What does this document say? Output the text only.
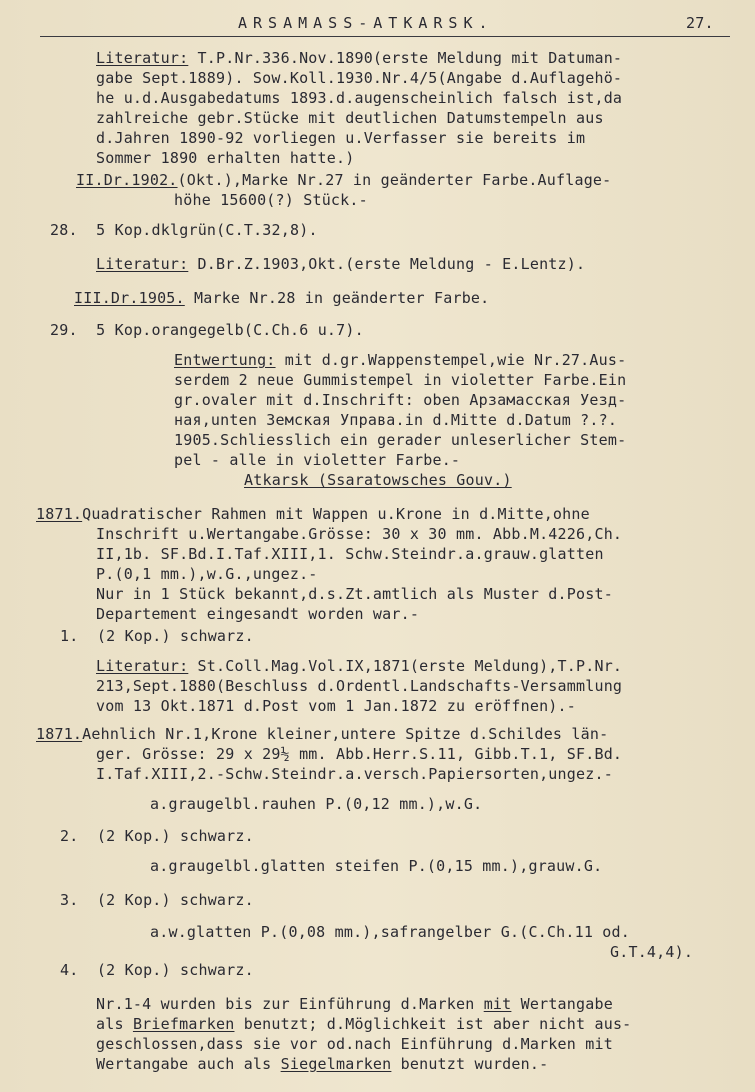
ARSAMASS-ATKARSK.	27.
Literatur: T.P.Nr.336.Nov.1890(erste Meldung mit Datuman-
gabe Sept.1889). Sow.Koll.1930.Nr.4/5(Angabe d.Auflagehö-
he u.d.Ausgabedatums 1893.d.augenscheinlich falsch ist,da
zahlreiche gebr.Stücke mit deutlichen Datumstempeln aus
d.Jahren 1890-92 vorliegen u.Verfasser sie bereits im
Sommer 1890 erhalten hatte.)
II.Dr.1902.(Okt.),Marke Nr.27 in geänderter Farbe.Auflage-
höhe 15600(?) Stück.-
28.  5 Kop.dklgrün(C.T.32,8).
Literatur: D.Br.Z.1903,Okt.(erste Meldung - E.Lentz).
III.Dr.1905. Marke Nr.28 in geänderter Farbe.
29.  5 Kop.orangegelb(C.Ch.6 u.7).
Entwertung: mit d.gr.Wappenstempel,wie Nr.27.Aus-
serdem 2 neue Gummistempel in violetter Farbe.Ein
gr.ovaler mit d.Inschrift: oben Арзамасская Уезд-
ная,unten Земская Управа.in d.Mitte d.Datum ?.?.
1905.Schliesslich ein gerader unleserlicher Stem-
pel - alle in violetter Farbe.-
Atkarsk (Ssaratowsches Gouv.)
1871.Quadratischer Rahmen mit Wappen u.Krone in d.Mitte,ohne
Inschrift u.Wertangabe.Grösse: 30 x 30 mm. Abb.M.4226,Ch.
II,1b. SF.Bd.I.Taf.XIII,1. Schw.Steindr.a.grauw.glatten
P.(0,1 mm.),w.G.,ungez.-
Nur in 1 Stück bekannt,d.s.Zt.amtlich als Muster d.Post-
Departement eingesandt worden war.-
1.  (2 Kop.) schwarz.
Literatur: St.Coll.Mag.Vol.IX,1871(erste Meldung),T.P.Nr.
213,Sept.1880(Beschluss d.Ordentl.Landschafts-Versammlung
vom 13 Okt.1871 d.Post vom 1 Jan.1872 zu eröffnen).-
1871.Aehnlich Nr.1,Krone kleiner,untere Spitze d.Schildes län-
ger. Grösse: 29 x 29½ mm. Abb.Herr.S.11, Gibb.T.1, SF.Bd.
I.Taf.XIII,2.-Schw.Steindr.a.versch.Papiersorten,ungez.-
a.graugelbl.rauhen P.(0,12 mm.),w.G.
2.  (2 Kop.) schwarz.
a.graugelbl.glatten steifen P.(0,15 mm.),grauw.G.
3.  (2 Kop.) schwarz.
a.w.glatten P.(0,08 mm.),safrangelber G.(C.Ch.11 od.
G.T.4,4).
4.  (2 Kop.) schwarz.
Nr.1-4 wurden bis zur Einführung d.Marken mit Wertangabe
als Briefmarken benutzt; d.Möglichkeit ist aber nicht aus-
geschlossen,dass sie vor od.nach Einführung d.Marken mit
Wertangabe auch als Siegelmarken benutzt wurden.-
